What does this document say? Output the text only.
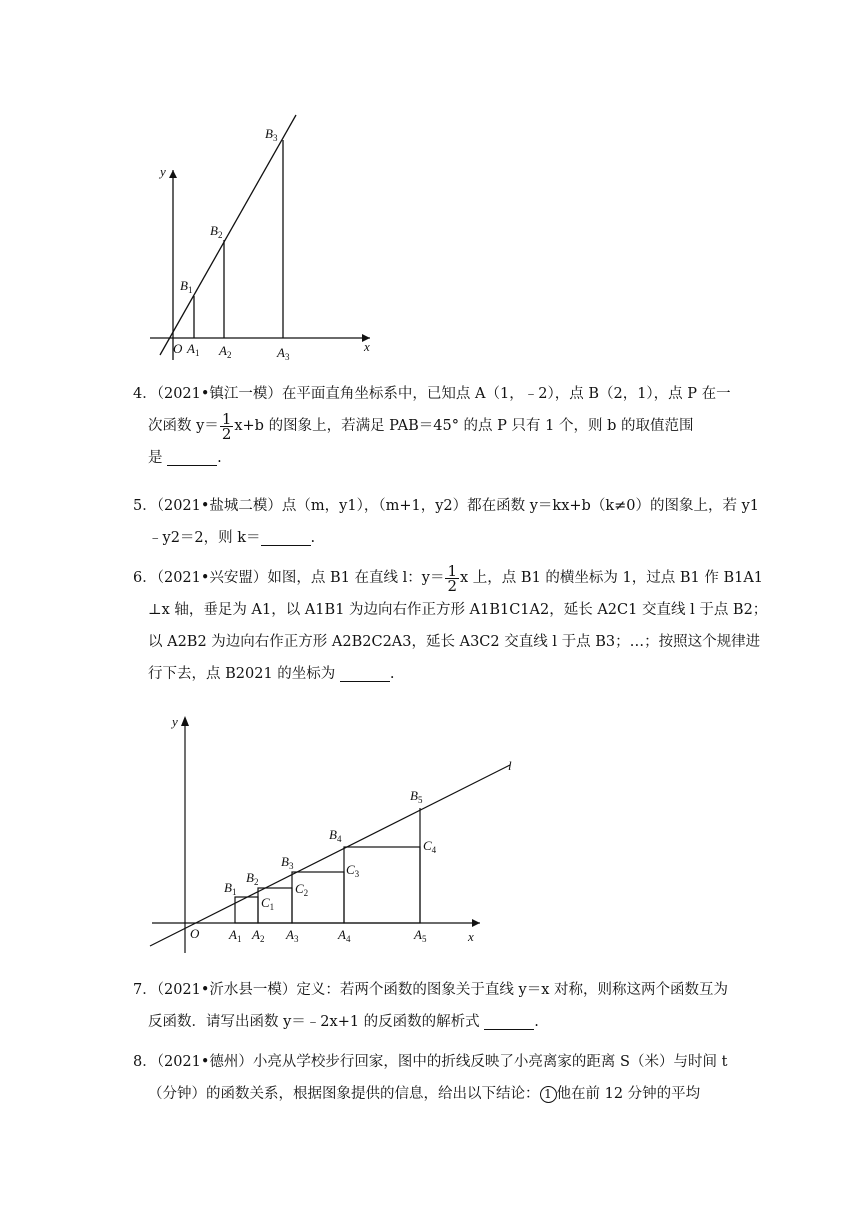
y
x
O $A_1$ $A_2$	$A_3$
$B_1$
$B_2$
$B_3$
4．（2021•镇江一模）在平面直角坐标系中，已知点 A（1，﹣2），点 B（2，1），点 P 在一
次函数 $y= \frac{1}{2} x+b$ 的图象上，若满足 PAB＝45° 的点 P 只有 1 个，则 b 的取值范围
是	.
5．（2021•盐城二模）点（m，y1），（m+1，y2）都在函数 y＝kx+b（k≠0）的图象上，若 y1
﹣y2＝2，则 k＝	.
6．（2021•兴安盟）如图，点 B1 在直线 l：$y= \frac{1}{2}$ x 上，点 B1 的横坐标为 1，过点 B1 作 B1A1
⊥x 轴，垂足为 A1，以 A1B1 为边向右作正方形 A1B1C1A2，延长 A2C1 交直线 l 于点 B2；
以 A2B2 为边向右作正方形 A2B2C2A3，延长 A3C2 交直线 l 于点 B3；…；按照这个规律进
行下去，点 B2021 的坐标为	.
y
x
O
l
$A_1$ $A_2$ $A_3$	$A_4$	$A_5$
$B_1$
$B_2$
$B_3$
$B_4$
$B_5$
$C_1$
$C_2$
$C_3$
$C_4$
7．（2021•沂水县一模）定义：若两个函数的图象关于直线 y＝x 对称，则称这两个函数互为
反函数．请写出函数 y＝﹣2x+1 的反函数的解析式	.
8．（2021•德州）小亮从学校步行回家，图中的折线反映了小亮离家的距离 S（米）与时间 t
（分钟）的函数关系，根据图象提供的信息，给出以下结论： 1 他在前 12 分钟的平均
